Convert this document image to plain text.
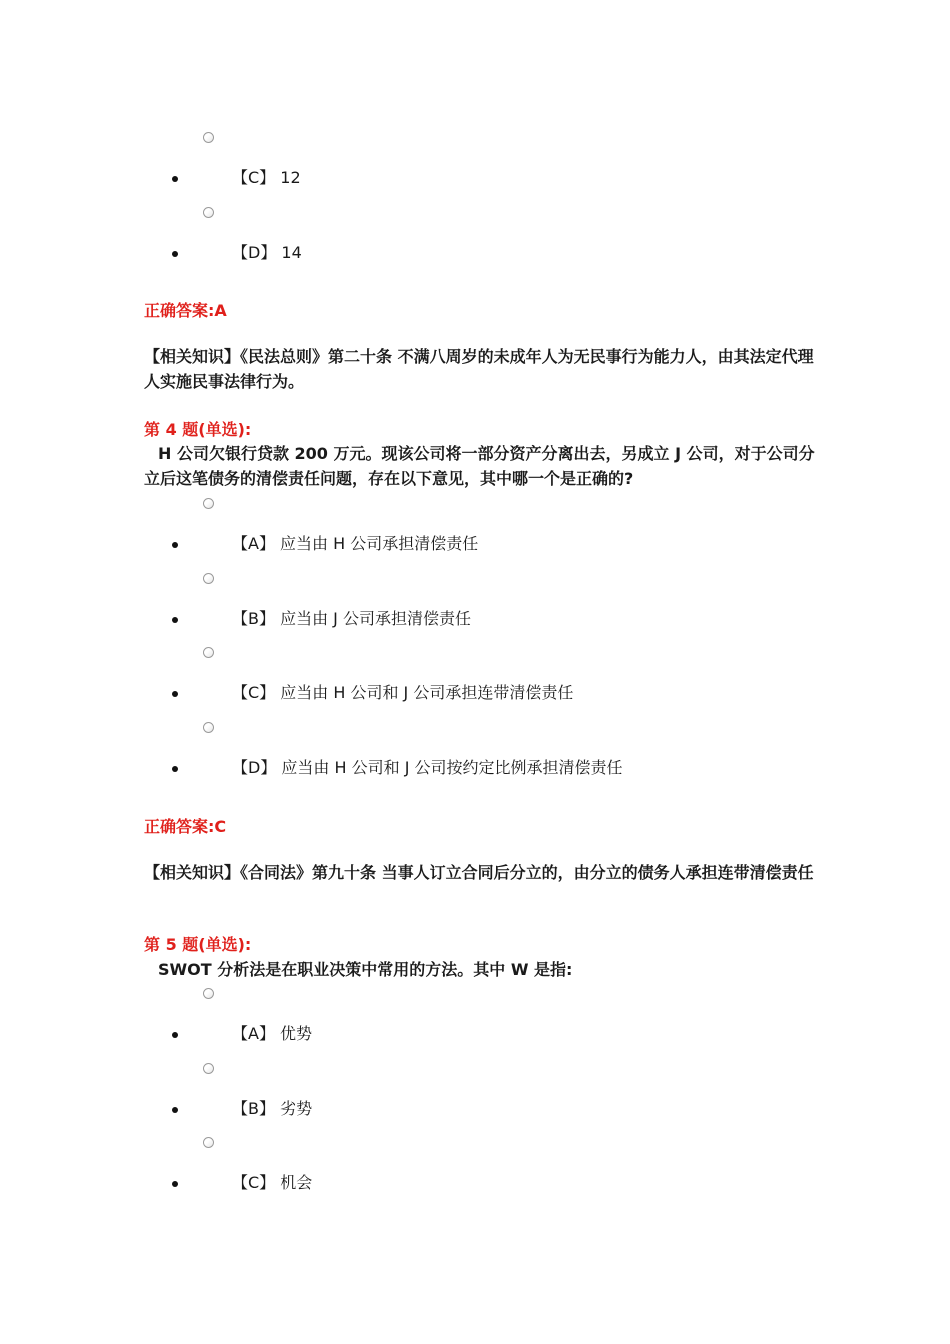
【C】 12
【D】 14
正确答案:A
【相关知识】《民法总则》第二十条 不满八周岁的未成年人为无民事行为能力人，由其法定代理人实施民事法律行为。
第 4 题(单选):
H 公司欠银行贷款 200 万元。现该公司将一部分资产分离出去，另成立 J 公司，对于公司分立后这笔债务的清偿责任问题，存在以下意见，其中哪一个是正确的?
【A】 应当由 H 公司承担清偿责任
【B】 应当由 J 公司承担清偿责任
【C】 应当由 H 公司和 J 公司承担连带清偿责任
【D】 应当由 H 公司和 J 公司按约定比例承担清偿责任
正确答案:C
【相关知识】《合同法》第九十条 当事人订立合同后分立的，由分立的债务人承担连带清偿责任
第 5 题(单选):
SWOT 分析法是在职业决策中常用的方法。其中 W 是指:
【A】 优势
【B】 劣势
【C】 机会
